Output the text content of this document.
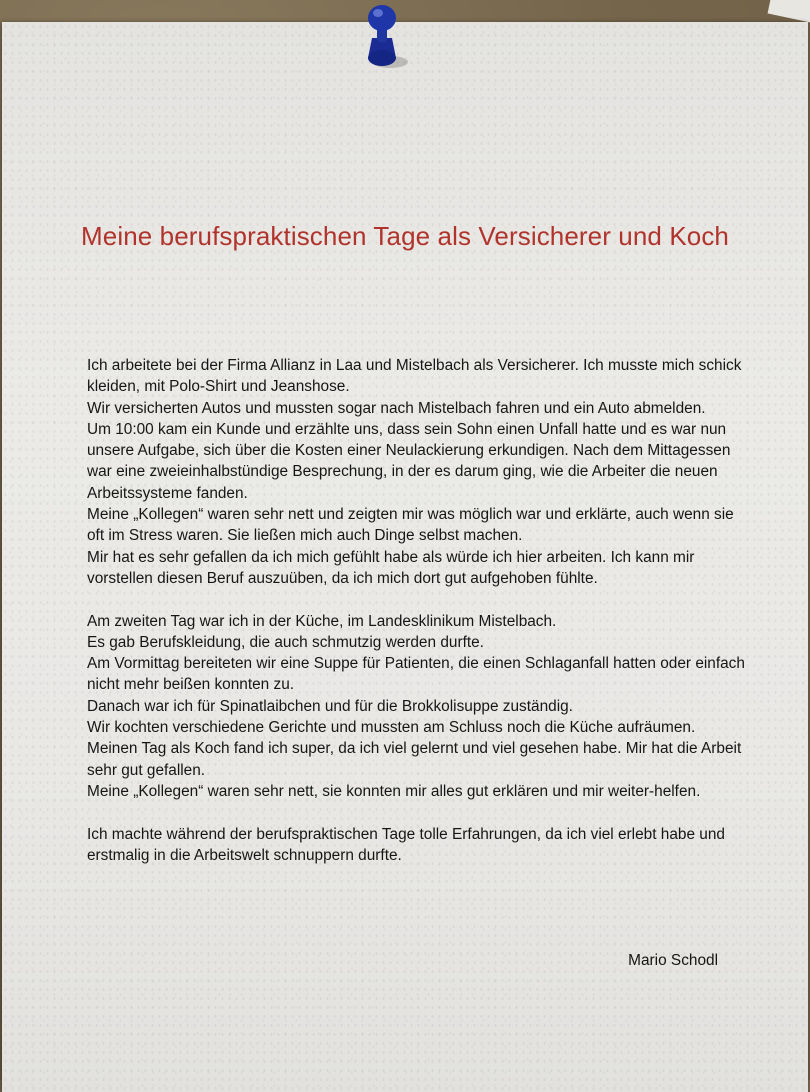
Meine berufspraktischen Tage als Versicherer und Koch

Ich arbeitete bei der Firma Allianz in Laa und Mistelbach als Versicherer. Ich musste mich schick kleiden, mit Polo-Shirt und Jeanshose.

Wir versicherten Autos und mussten sogar nach Mistelbach fahren und ein Auto abmelden.

Um 10:00 kam ein Kunde und erzählte uns, dass sein Sohn einen Unfall hatte und es war nun unsere Aufgabe, sich über die Kosten einer Neulackierung erkundigen. Nach dem Mittagessen war eine zweieinhalbstündige Besprechung, in der es darum ging, wie die Arbeiter die neuen Arbeitssysteme fanden.

Meine „Kollegen“ waren sehr nett und zeigten mir was möglich war und erklärte, auch wenn sie oft im Stress waren. Sie ließen mich auch Dinge selbst machen.

Mir hat es sehr gefallen da ich mich gefühlt habe als würde ich hier arbeiten. Ich kann mir vorstellen diesen Beruf auszuüben, da ich mich dort gut aufgehoben fühlte.

Am zweiten Tag war ich in der Küche, im Landesklinikum Mistelbach.

Es gab Berufskleidung, die auch schmutzig werden durfte.

Am Vormittag bereiteten wir eine Suppe für Patienten, die einen Schlaganfall hatten oder einfach nicht mehr beißen konnten zu.

Danach war ich für Spinatlaibchen und für die Brokkolisuppe zuständig.

Wir kochten verschiedene Gerichte und mussten am Schluss noch die Küche aufräumen.

Meinen Tag als Koch fand ich super, da ich viel gelernt und viel gesehen habe. Mir hat die Arbeit sehr gut gefallen.

Meine „Kollegen“ waren sehr nett, sie konnten mir alles gut erklären und mir weiter-helfen.

Ich machte während der berufspraktischen Tage tolle Erfahrungen, da ich viel erlebt habe und erstmalig in die Arbeitswelt schnuppern durfte.

Mario Schodl
